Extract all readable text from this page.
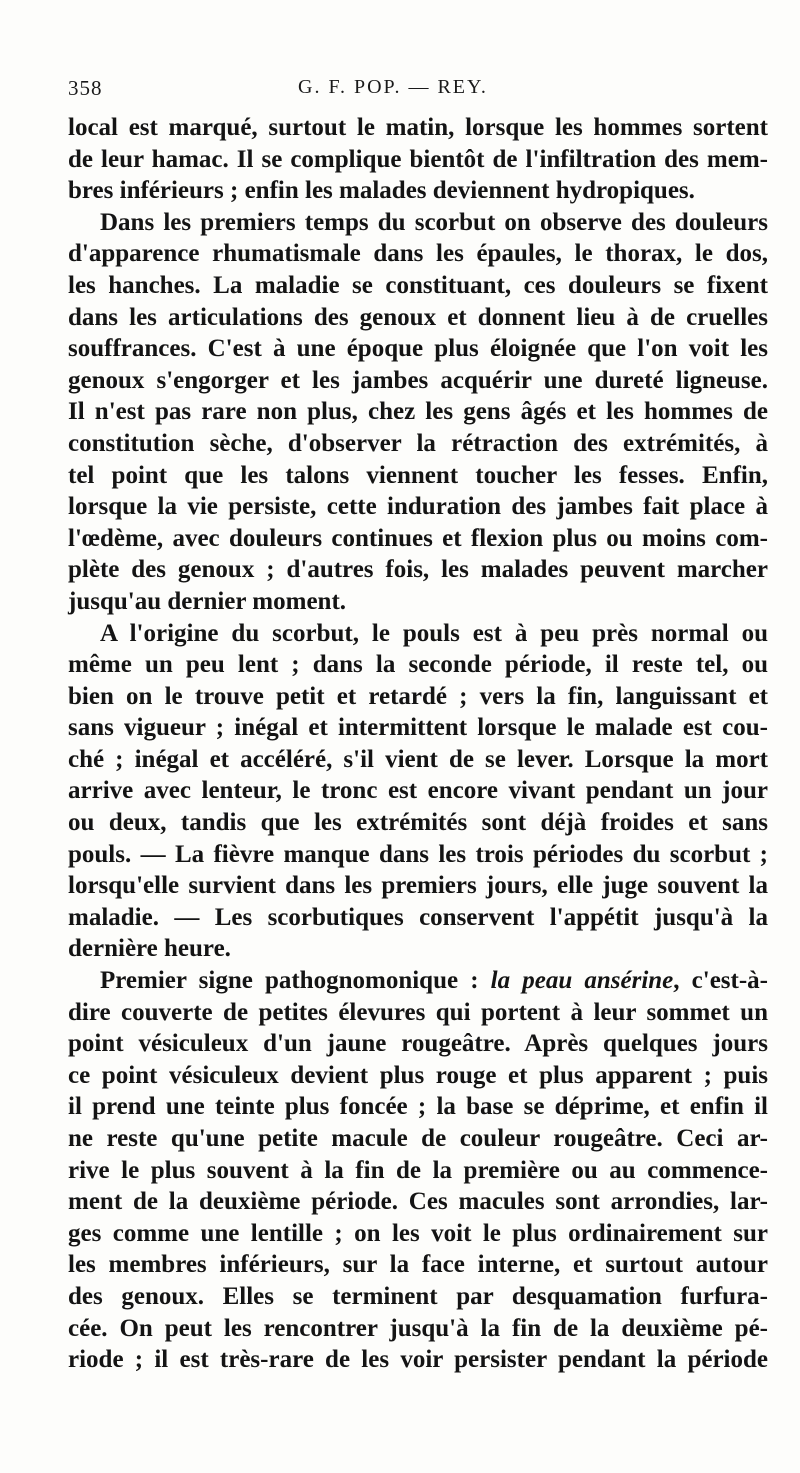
358	G. F. POP. — REY.
local est marqué, surtout le matin, lorsque les hommes sortent
de leur hamac. Il se complique bientôt de l'infiltration des mem-
bres inférieurs ; enfin les malades deviennent hydropiques.
Dans les premiers temps du scorbut on observe des douleurs
d'apparence rhumatismale dans les épaules, le thorax, le dos,
les hanches. La maladie se constituant, ces douleurs se fixent
dans les articulations des genoux et donnent lieu à de cruelles
souffrances. C'est à une époque plus éloignée que l'on voit les
genoux s'engorger et les jambes acquérir une dureté ligneuse.
Il n'est pas rare non plus, chez les gens âgés et les hommes de
constitution sèche, d'observer la rétraction des extrémités, à
tel point que les talons viennent toucher les fesses. Enfin,
lorsque la vie persiste, cette induration des jambes fait place à
l'œdème, avec douleurs continues et flexion plus ou moins com-
plète des genoux ; d'autres fois, les malades peuvent marcher
jusqu'au dernier moment.
A l'origine du scorbut, le pouls est à peu près normal ou
même un peu lent ; dans la seconde période, il reste tel, ou
bien on le trouve petit et retardé ; vers la fin, languissant et
sans vigueur ; inégal et intermittent lorsque le malade est cou-
ché ; inégal et accéléré, s'il vient de se lever. Lorsque la mort
arrive avec lenteur, le tronc est encore vivant pendant un jour
ou deux, tandis que les extrémités sont déjà froides et sans
pouls. — La fièvre manque dans les trois périodes du scorbut ;
lorsqu'elle survient dans les premiers jours, elle juge souvent la
maladie. — Les scorbutiques conservent l'appétit jusqu'à la
dernière heure.
Premier signe pathognomonique : la peau ansérine, c'est-à-
dire couverte de petites élevures qui portent à leur sommet un
point vésiculeux d'un jaune rougeâtre. Après quelques jours
ce point vésiculeux devient plus rouge et plus apparent ; puis
il prend une teinte plus foncée ; la base se déprime, et enfin il
ne reste qu'une petite macule de couleur rougeâtre. Ceci ar-
rive le plus souvent à la fin de la première ou au commence-
ment de la deuxième période. Ces macules sont arrondies, lar-
ges comme une lentille ; on les voit le plus ordinairement sur
les membres inférieurs, sur la face interne, et surtout autour
des genoux. Elles se terminent par desquamation furfura-
cée. On peut les rencontrer jusqu'à la fin de la deuxième pé-
riode ; il est très-rare de les voir persister pendant la période
